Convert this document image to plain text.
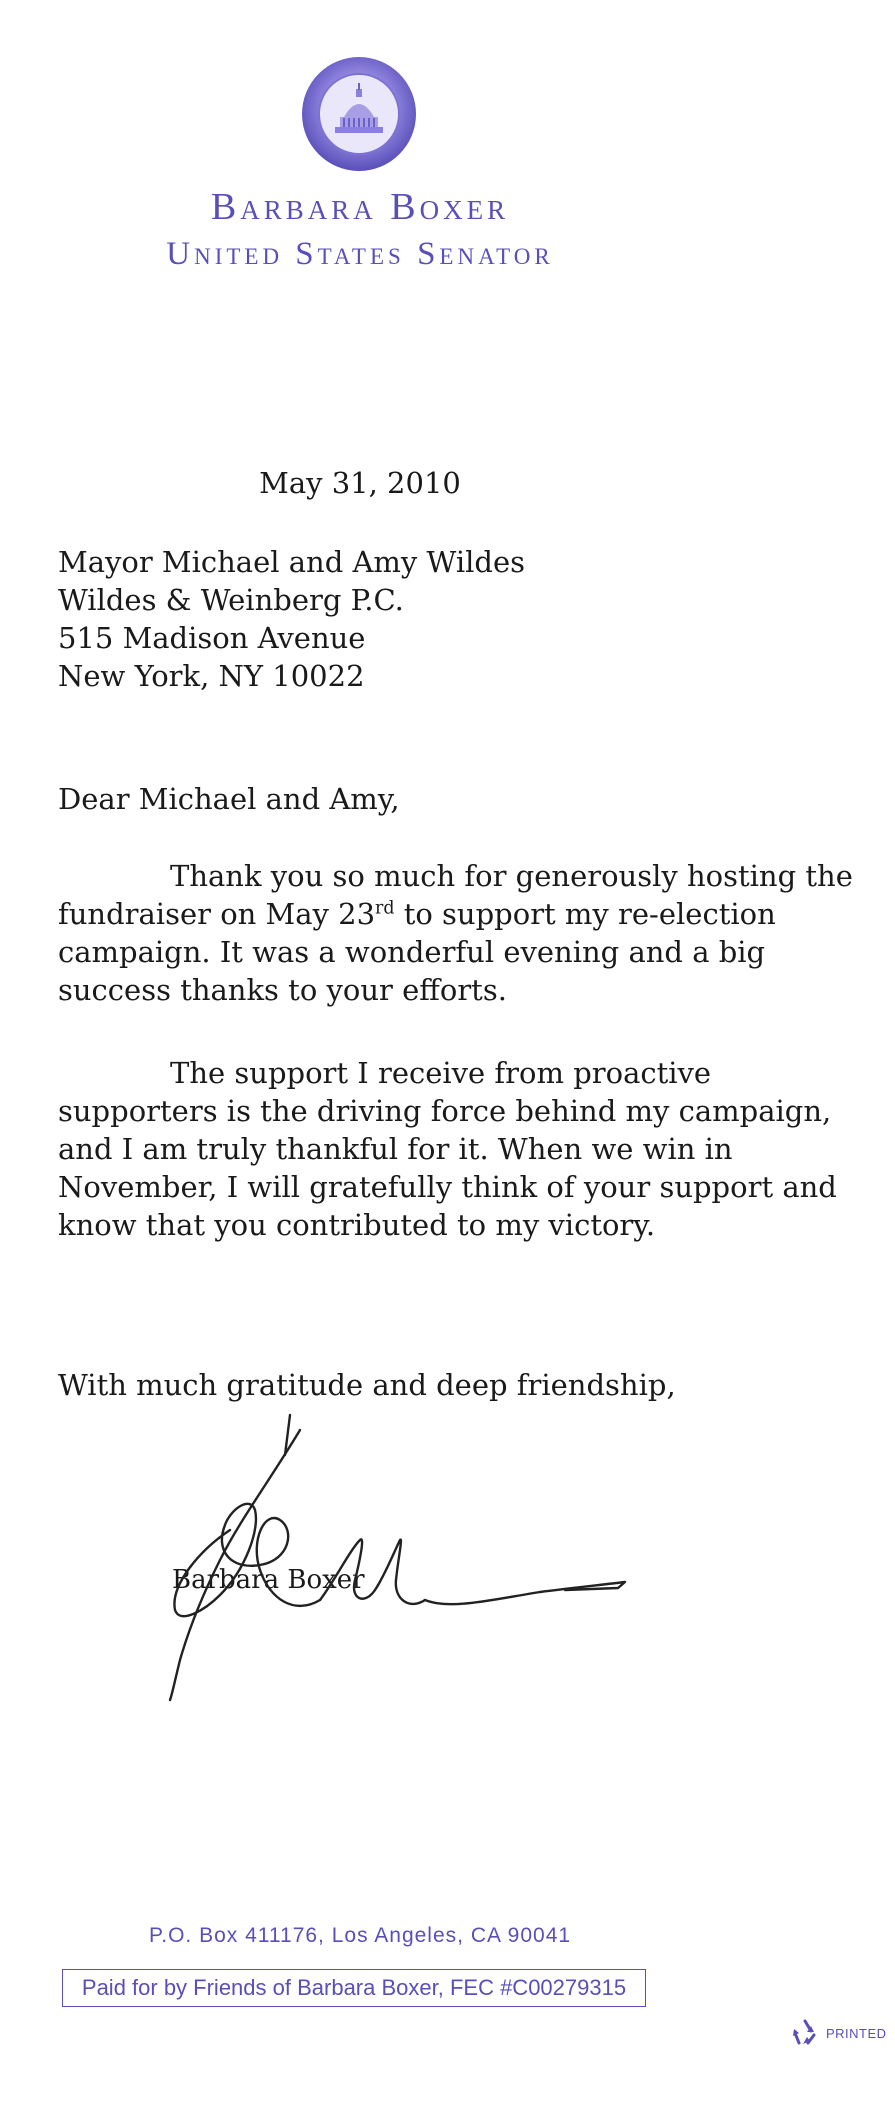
Barbara Boxer
United States Senator
May 31, 2010
Mayor Michael and Amy Wildes
Wildes & Weinberg P.C.
515 Madison Avenue
New York, NY 10022
Dear Michael and Amy,
Thank you so much for generously hosting the fundraiser on May 23rd to support my re-election campaign. It was a wonderful evening and a big success thanks to your efforts.
The support I receive from proactive supporters is the driving force behind my campaign, and I am truly thankful for it. When we win in November, I will gratefully think of your support and know that you contributed to my victory.
With much gratitude and deep friendship,
Barbara Boxer
P.O. Box 411176, Los Angeles, CA 90041
Paid for by Friends of Barbara Boxer, FEC #C00279315
PRINTED
